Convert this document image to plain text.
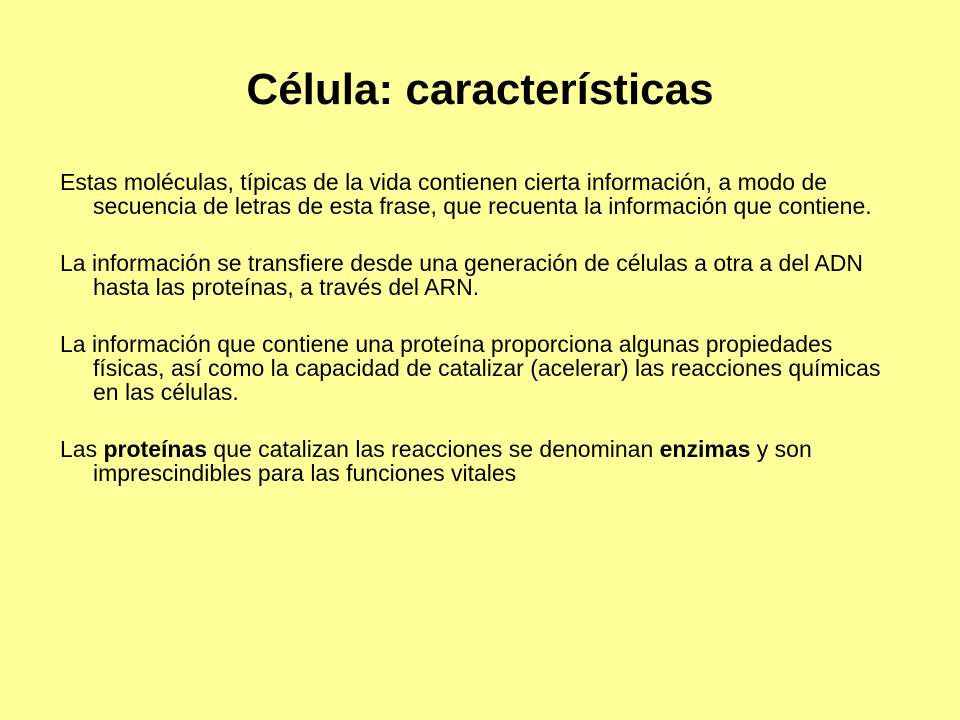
Célula: características

Estas moléculas, típicas de la vida contienen cierta información, a modo de secuencia de letras de esta frase, que recuenta la información que contiene.

La información se transfiere desde una generación de células a otra a del ADN hasta las proteínas, a través del ARN.

La información que contiene una proteína proporciona algunas propiedades físicas, así como la capacidad de catalizar (acelerar) las reacciones químicas en las células.

Las proteínas que catalizan las reacciones se denominan enzimas y son imprescindibles para las funciones vitales
